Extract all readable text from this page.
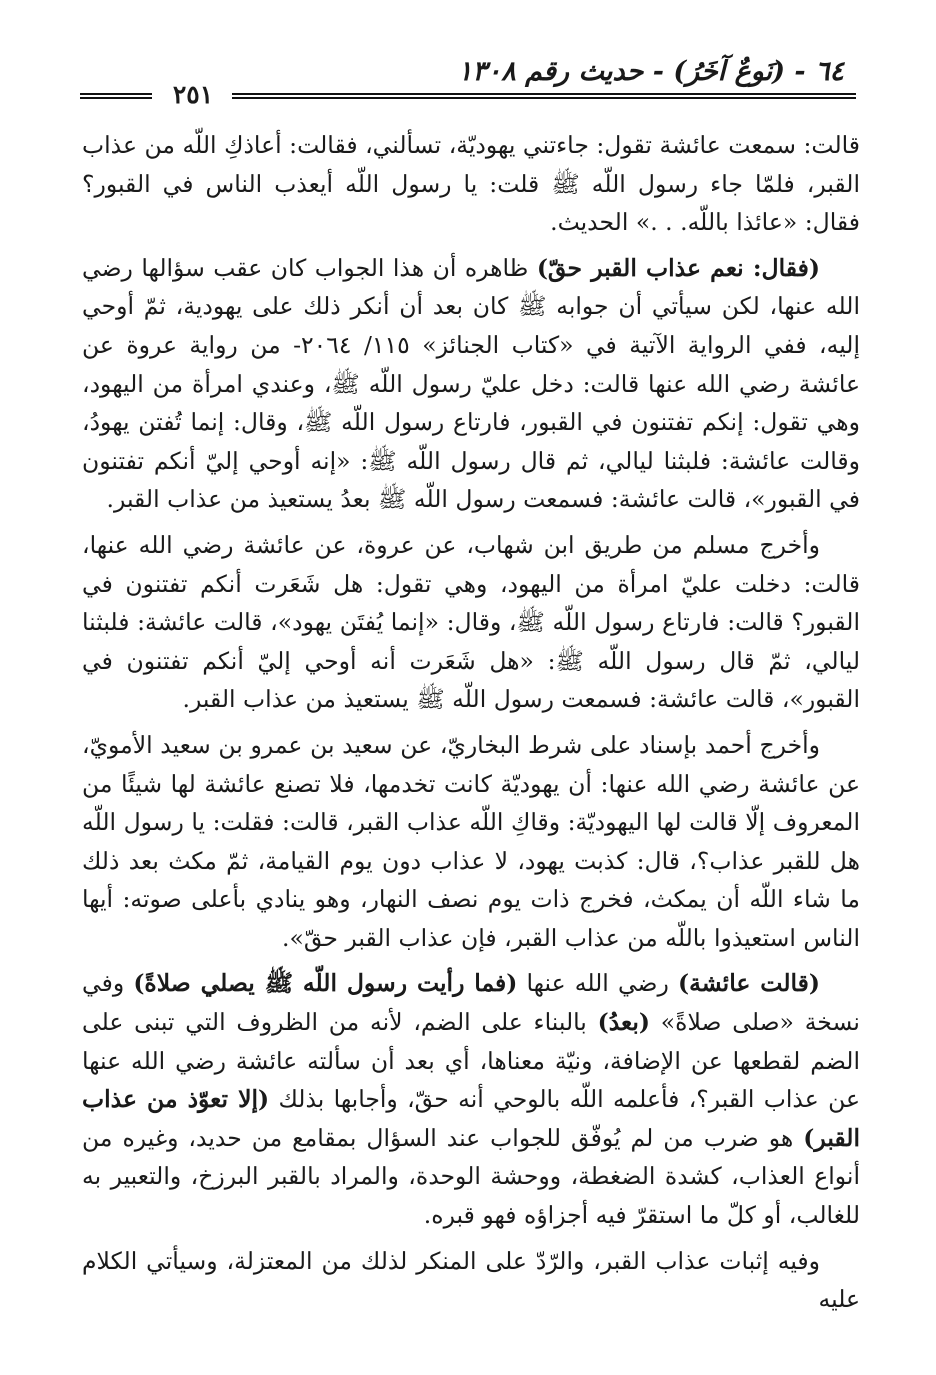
٦٤ - (نَوعٌ آخَرُ) - حديث رقم ١٣٠٨
٢٥١

قالت: سمعت عائشة تقول: جاءتني يهوديّة، تسألني، فقالت: أعاذكِ اللّه من عذاب القبر، فلمّا جاء رسول اللّه ﷺ قلت: يا رسول اللّه أيعذب الناس في القبور؟ فقال: «عائذا باللّه. . .» الحديث.

(فقال: نعم عذاب القبر حقّ) ظاهره أن هذا الجواب كان عقب سؤالها رضي الله عنها، لكن سيأتي أن جوابه ﷺ كان بعد أن أنكر ذلك على يهودية، ثمّ أوحي إليه، ففي الرواية الآتية في «كتاب الجنائز» ١١٥/ ٢٠٦٤- من رواية عروة عن عائشة رضي الله عنها قالت: دخل عليّ رسول اللّه ﷺ، وعندي امرأة من اليهود، وهي تقول: إنكم تفتنون في القبور، فارتاع رسول اللّه ﷺ، وقال: إنما تُفتن يهودُ، وقالت عائشة: فلبثنا ليالي، ثم قال رسول اللّه ﷺ: «إنه أوحي إليّ أنكم تفتنون في القبور»، قالت عائشة: فسمعت رسول اللّه ﷺ بعدُ يستعيذ من عذاب القبر.

وأخرج مسلم من طريق ابن شهاب، عن عروة، عن عائشة رضي الله عنها، قالت: دخلت عليّ امرأة من اليهود، وهي تقول: هل شَعَرت أنكم تفتنون في القبور؟ قالت: فارتاع رسول اللّه ﷺ، وقال: «إنما يُفتَن يهود»، قالت عائشة: فلبثنا ليالي، ثمّ قال رسول اللّه ﷺ: «هل شَعَرت أنه أوحي إليّ أنكم تفتنون في القبور»، قالت عائشة: فسمعت رسول اللّه ﷺ يستعيذ من عذاب القبر.

وأخرج أحمد بإسناد على شرط البخاريّ، عن سعيد بن عمرو بن سعيد الأمويّ، عن عائشة رضي الله عنها: أن يهوديّة كانت تخدمها، فلا تصنع عائشة لها شيئًا من المعروف إلّا قالت لها اليهوديّة: وقاكِ اللّه عذاب القبر، قالت: فقلت: يا رسول اللّه هل للقبر عذاب؟، قال: كذبت يهود، لا عذاب دون يوم القيامة، ثمّ مكث بعد ذلك ما شاء اللّه أن يمكث، فخرج ذات يوم نصف النهار، وهو ينادي بأعلى صوته: أيها الناس استعيذوا باللّه من عذاب القبر، فإن عذاب القبر حقّ».

(قالت عائشة) رضي الله عنها (فما رأيت رسول اللّه ﷺ يصلي صلاةً) وفي نسخة «صلى صلاةً» (بعدُ) بالبناء على الضم، لأنه من الظروف التي تبنى على الضم لقطعها عن الإضافة، ونيّة معناها، أي بعد أن سألته عائشة رضي الله عنها عن عذاب القبر؟، فأعلمه اللّه بالوحي أنه حقّ، وأجابها بذلك (إلا تعوّذ من عذاب القبر) هو ضرب من لم يُوفّق للجواب عند السؤال بمقامع من حديد، وغيره من أنواع العذاب، كشدة الضغطة، ووحشة الوحدة، والمراد بالقبر البرزخ، والتعبير به للغالب، أو كلّ ما استقرّ فيه أجزاؤه فهو قبره.

وفيه إثبات عذاب القبر، والرّدّ على المنكر لذلك من المعتزلة، وسيأتي الكلام عليه
